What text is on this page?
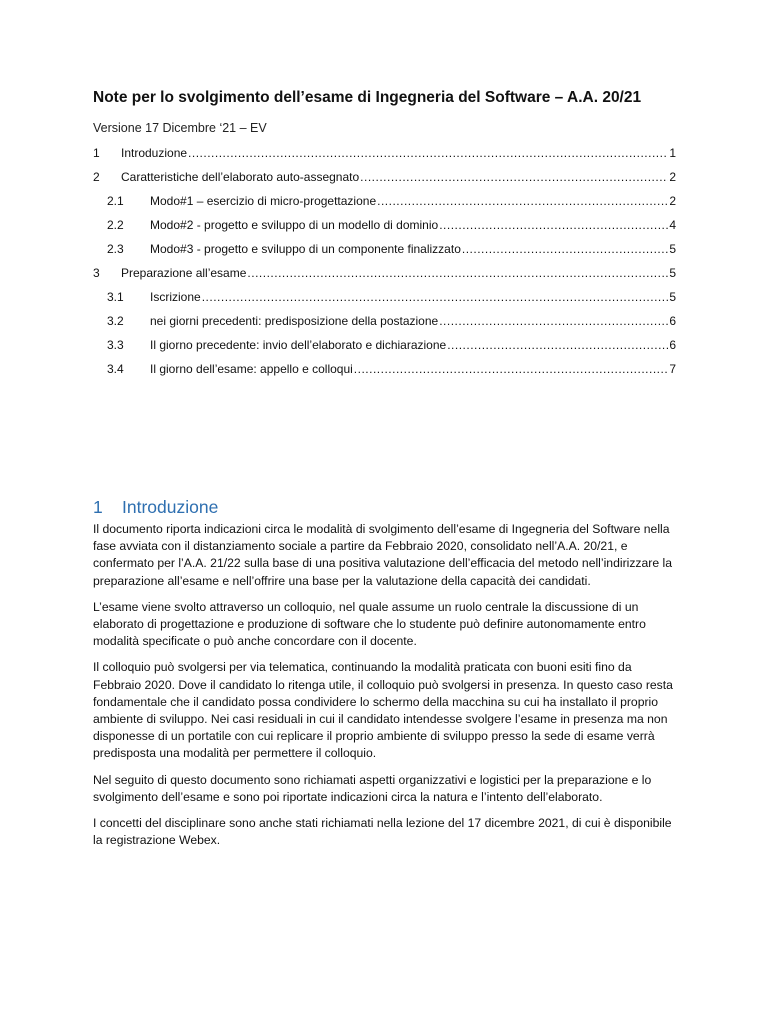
Note per lo svolgimento dell’esame di Ingegneria del Software – A.A. 20/21
Versione 17 Dicembre ‘21 – EV
1	Introduzione .....	1
2	Caratteristiche dell’elaborato auto-assegnato .....	2
2.1	Modo#1 – esercizio di micro-progettazione .....	2
2.2	Modo#2 - progetto e sviluppo di un modello di dominio .....	4
2.3	Modo#3 - progetto e sviluppo di un componente finalizzato .....	5
3	Preparazione all’esame .....	5
3.1	Iscrizione .....	5
3.2	nei giorni precedenti: predisposizione della postazione .....	6
3.3	Il giorno precedente: invio dell’elaborato e dichiarazione .....	6
3.4	Il giorno dell’esame: appello e colloqui .....	7
1 Introduzione

Il documento riporta indicazioni circa le modalità di svolgimento dell’esame di Ingegneria del Software nella fase avviata con il distanziamento sociale a partire da Febbraio 2020, consolidato nell’A.A. 20/21, e confermato per l’A.A. 21/22 sulla base di una positiva valutazione dell’efficacia del metodo nell’indirizzare la preparazione all’esame e nell’offrire una base per la valutazione della capacità dei candidati.

L’esame viene svolto attraverso un colloquio, nel quale assume un ruolo centrale la discussione di un elaborato di progettazione e produzione di software che lo studente può definire autonomamente entro modalità specificate o può anche concordare con il docente.

Il colloquio può svolgersi per via telematica, continuando la modalità praticata con buoni esiti fino da Febbraio 2020. Dove il candidato lo ritenga utile, il colloquio può svolgersi in presenza. In questo caso resta fondamentale che il candidato possa condividere lo schermo della macchina su cui ha installato il proprio ambiente di sviluppo. Nei casi residuali in cui il candidato intendesse svolgere l’esame in presenza ma non disponesse di un portatile con cui replicare il proprio ambiente di sviluppo presso la sede di esame verrà predisposta una modalità per permettere il colloquio.

Nel seguito di questo documento sono richiamati aspetti organizzativi e logistici per la preparazione e lo svolgimento dell’esame e sono poi riportate indicazioni circa la natura e l’intento dell’elaborato.

I concetti del disciplinare sono anche stati richiamati nella lezione del 17 dicembre 2021, di cui è disponibile la registrazione Webex.
